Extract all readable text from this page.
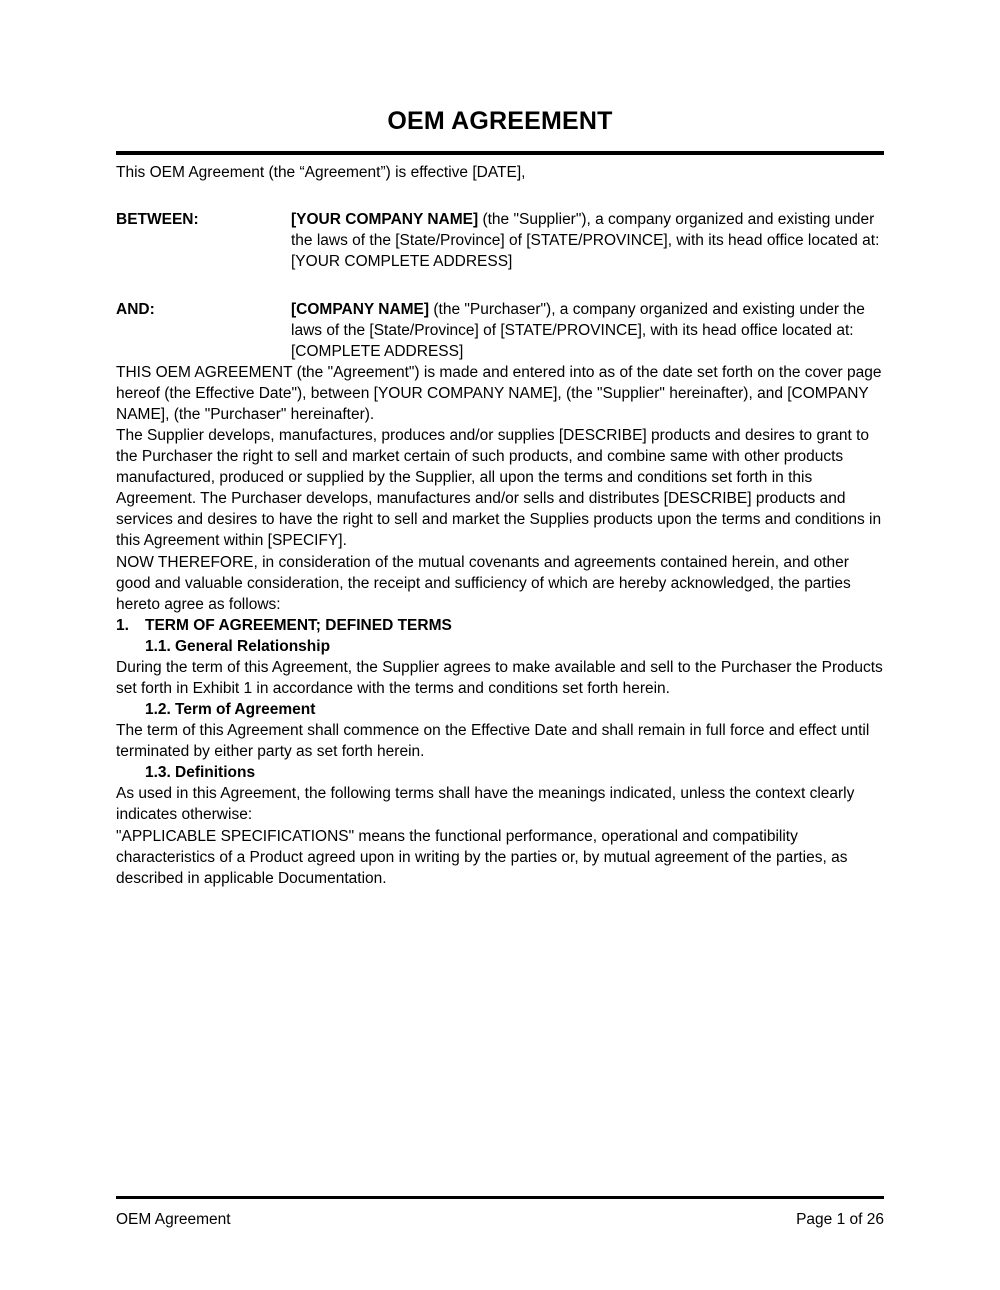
OEM AGREEMENT

This OEM Agreement (the “Agreement”) is effective [DATE],

BETWEEN:	[YOUR COMPANY NAME] (the "Supplier"), a company organized and existing under the laws of the [State/Province] of [STATE/PROVINCE], with its head office located at:

[YOUR COMPLETE ADDRESS]

AND:	[COMPANY NAME] (the "Purchaser"), a company organized and existing under the laws of the [State/Province] of [STATE/PROVINCE], with its head office located at:

[COMPLETE ADDRESS]

THIS OEM AGREEMENT (the "Agreement") is made and entered into as of the date set forth on the cover page hereof (the Effective Date"), between [YOUR COMPANY NAME], (the "Supplier" hereinafter), and [COMPANY NAME], (the "Purchaser" hereinafter).

The Supplier develops, manufactures, produces and/or supplies [DESCRIBE] products and desires to grant to the Purchaser the right to sell and market certain of such products, and combine same with other products manufactured, produced or supplied by the Supplier, all upon the terms and conditions set forth in this Agreement. The Purchaser develops, manufactures and/or sells and distributes [DESCRIBE] products and services and desires to have the right to sell and market the Supplies products upon the terms and conditions in this Agreement within [SPECIFY].

NOW THEREFORE, in consideration of the mutual covenants and agreements contained herein, and other good and valuable consideration, the receipt and sufficiency of which are hereby acknowledged, the parties hereto agree as follows:

1.	TERM OF AGREEMENT; DEFINED TERMS
1.1. General Relationship

During the term of this Agreement, the Supplier agrees to make available and sell to the Purchaser the Products set forth in Exhibit 1 in accordance with the terms and conditions set forth herein.

1.2. Term of Agreement

The term of this Agreement shall commence on the Effective Date and shall remain in full force and effect until terminated by either party as set forth herein.

1.3. Definitions

As used in this Agreement, the following terms shall have the meanings indicated, unless the context clearly indicates otherwise:

"APPLICABLE SPECIFICATIONS" means the functional performance, operational and compatibility characteristics of a Product agreed upon in writing by the parties or, by mutual agreement of the parties, as described in applicable Documentation.

OEM Agreement	Page 1 of 26
